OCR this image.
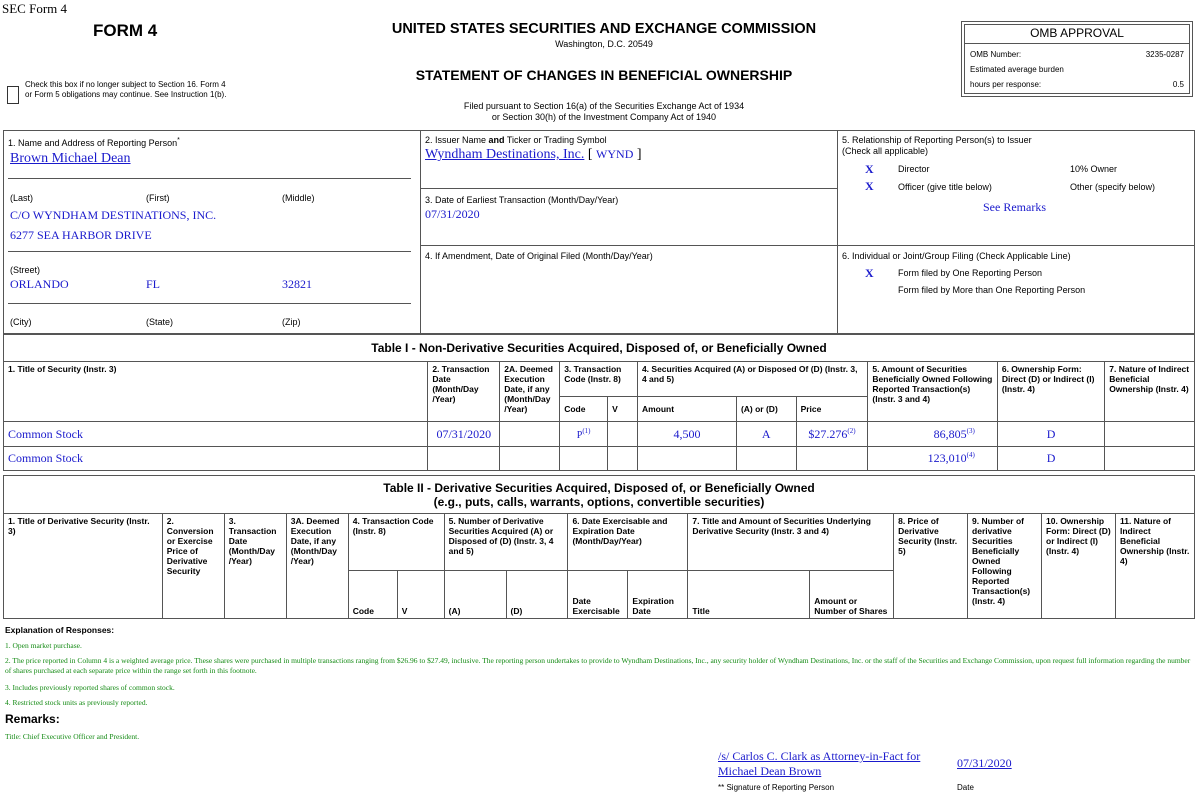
SEC Form 4
FORM 4
Check this box if no longer subject to Section 16. Form 4 or Form 5 obligations may continue. See Instruction 1(b).
UNITED STATES SECURITIES AND EXCHANGE COMMISSION
Washington, D.C. 20549
STATEMENT OF CHANGES IN BENEFICIAL OWNERSHIP
Filed pursuant to Section 16(a) of the Securities Exchange Act of 1934
or Section 30(h) of the Investment Company Act of 1940
OMB APPROVAL
OMB Number:	3235-0287
Estimated average burden
hours per response:	0.5
1. Name and Address of Reporting Person*
Brown Michael Dean
(Last)	(First)	(Middle)
C/O WYNDHAM DESTINATIONS, INC.
6277 SEA HARBOR DRIVE
(Street)
ORLANDO	FL	32821
(City)	(State)	(Zip)
2. Issuer Name and Ticker or Trading Symbol
Wyndham Destinations, Inc. [ WYND ]
3. Date of Earliest Transaction (Month/Day/Year)
07/31/2020
4. If Amendment, Date of Original Filed (Month/Day/Year)
5. Relationship of Reporting Person(s) to Issuer
(Check all applicable)
X	Director	10% Owner
X	Officer (give title below)	Other (specify below)
See Remarks
6. Individual or Joint/Group Filing (Check Applicable Line)
X	Form filed by One Reporting Person
Form filed by More than One Reporting Person
Table I - Non-Derivative Securities Acquired, Disposed of, or Beneficially Owned										
1. Title of Security (Instr. 3)	2. Transaction Date (Month/Day /Year)	2A. Deemed Execution Date, if any (Month/Day /Year)	3. Transaction Code (Instr. 8)		4. Securities Acquired (A) or Disposed Of (D) (Instr. 3, 4 and 5)			5. Amount of Securities Beneficially Owned Following Reported Transaction(s) (Instr. 3 and 4)	6. Ownership Form: Direct (D) or Indirect (I) (Instr. 4)	7. Nature of Indirect Beneficial Ownership (Instr. 4)
			Code	V	Amount	(A) or (D)	Price			
Common Stock	07/31/2020		$P^{(1)}$		4,500	A	$27.276$^{(2)}$	86,805$^{(3)}$	D	
Common Stock								123,010$^{(4)}$	D	
Table II - Derivative Securities Acquired, Disposed of, or Beneficially Owned
(e.g., puts, calls, warrants, options, convertible securities)															

1. Title of Derivative Security (Instr. 3)	2. Conversion or Exercise Price of Derivative Security	3. Transaction Date (Month/Day /Year)	3A. Deemed Execution Date, if any (Month/Day /Year)	4. Transaction Code (Instr. 8)		5. Number of Derivative Securities Acquired (A) or Disposed of (D) (Instr. 3, 4 and 5)		6. Date Exercisable and Expiration Date (Month/Day/Year)		7. Title and Amount of Securities Underlying Derivative Security (Instr. 3 and 4)		8. Price of Derivative Security (Instr. 5)	9. Number of derivative Securities Beneficially Owned Following Reported Transaction(s) (Instr. 4)	10. Ownership Form: Direct (D) or Indirect (I) (Instr. 4)	11. Nature of Indirect Beneficial Ownership (Instr. 4)
				Code	V	(A)	(D)	Date Exercisable	Expiration Date	Title	Amount or Number of Shares				
Explanation of Responses:
1. Open market purchase.
2. The price reported in Column 4 is a weighted average price. These shares were purchased in multiple transactions ranging from $26.96 to $27.49, inclusive. The reporting person undertakes to provide to Wyndham Destinations, Inc., any security holder of Wyndham Destinations, Inc. or the staff of the Securities and Exchange Commission, upon request full information regarding the number of shares purchased at each separate price within the range set forth in this footnote.
3. Includes previously reported shares of common stock.
4. Restricted stock units as previously reported.
Remarks:
Title: Chief Executive Officer and President.
/s/ Carlos C. Clark as Attorney-in-Fact for
Michael Dean Brown
07/31/2020
** Signature of Reporting Person	Date
